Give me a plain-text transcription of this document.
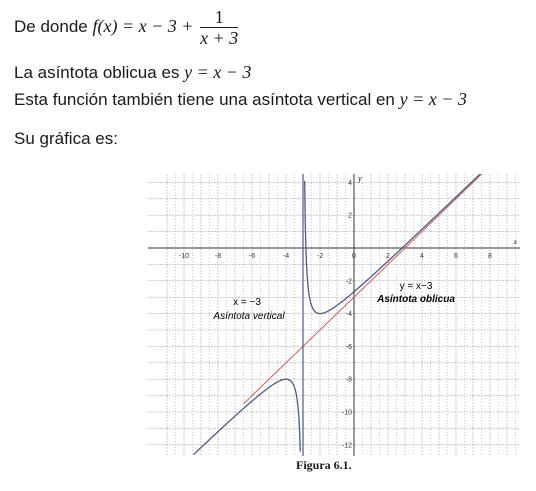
De donde $f(x) = x - 3 + \frac{1}{x + 3}$
La asíntota oblicua es y = x − 3
Esta función también tiene una asíntota vertical en y = x − 3
Su gráfica es:
x
y
-10	-8	-6	-4	-2	0	2	4	6	8
4
2
-2
-4
-6
-8
-10
-12
x = −3
Asíntota vertical
y = x−3
Asíntota oblicua
Figura 6.1.
